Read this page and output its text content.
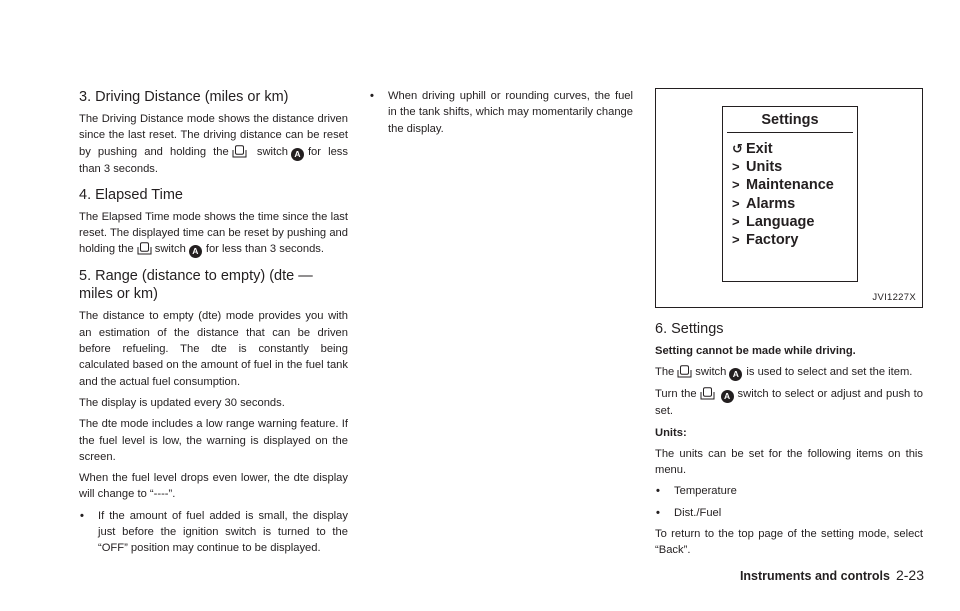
3. Driving Distance (miles or km)

The Driving Distance mode shows the distance driven since the last reset. The driving distance can be reset by pushing and holding the	switch A for less than 3 seconds.

4. Elapsed Time

The Elapsed Time mode shows the time since the last reset. The displayed time can be reset by pushing and holding the switch A for less than 3 seconds.

5. Range (distance to empty) (dte — miles or km)

The distance to empty (dte) mode provides you with an estimation of the distance that can be driven before refueling. The dte is constantly being calculated based on the amount of fuel in the fuel tank and the actual fuel consumption.

The display is updated every 30 seconds.

The dte mode includes a low range warning feature. If the fuel level is low, the warning is displayed on the screen.

When the fuel level drops even lower, the dte display will change to “----”.

•	If the amount of fuel added is small, the display just before the ignition switch is turned to the “OFF” position may continue to be displayed.
•	When driving uphill or rounding curves, the fuel in the tank shifts, which may momentarily change the display.
Settings
↺ Exit
> Units
> Maintenance
> Alarms
> Language
> Factory
JVI1227X
6. Settings

Setting cannot be made while driving.

The switch A is used to select and set the item.

Turn the	A switch to select or adjust and push to set.

Units:

The units can be set for the following items on this menu.

•	Temperature
•	Dist./Fuel

To return to the top page of the setting mode, select “Back”.

Instruments and controls 2-23
